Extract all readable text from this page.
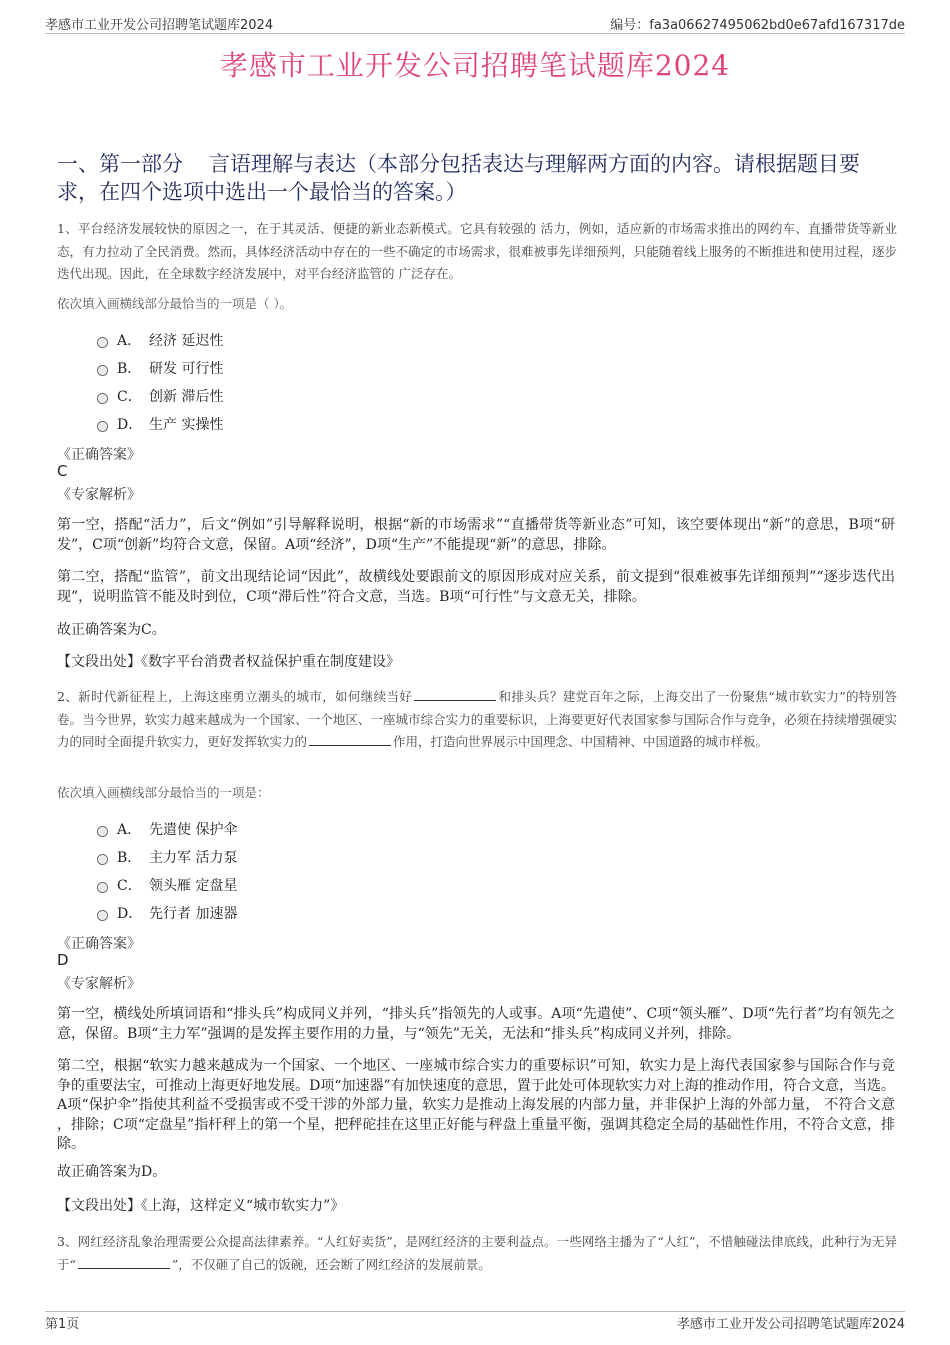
孝感市工业开发公司招聘笔试题库2024	编号：fa3a06627495062bd0e67afd167317de
孝感市工业开发公司招聘笔试题库2024
一、第一部分 言语理解与表达（本部分包括表达与理解两方面的内容。请根据题目要求，在四个选项中选出一个最恰当的答案。）
1、平台经济发展较快的原因之一，在于其灵活、便捷的新业态新模式。它具有较强的 活力，例如，适应新的市场需求推出的网约车、直播带货等新业态，有力拉动了全民消费。然而，具体经济活动中存在的一些不确定的市场需求，很难被事先详细预判，只能随着线上服务的不断推进和使用过程，逐步迭代出现。因此，在全球数字经济发展中，对平台经济监管的 广泛存在。
依次填入画横线部分最恰当的一项是（ ）。
A． 经济 延迟性
B． 研发 可行性
C． 创新 滞后性
D． 生产 实操性
《正确答案》
C
《专家解析》
第一空，搭配“活力”，后文“例如”引导解释说明，根据“新的市场需求”“直播带货等新业态”可知，该空要体现出“新”的意思，B项“研发”，C项“创新”均符合文意，保留。A项“经济”，D项“生产”不能提现“新”的意思，排除。
第二空，搭配“监管”，前文出现结论词“因此”，故横线处要跟前文的原因形成对应关系，前文提到“很难被事先详细预判”“逐步迭代出现”，说明监管不能及时到位，C项“滞后性”符合文意，当选。B项“可行性”与文意无关，排除。
故正确答案为C。
【文段出处】《数字平台消费者权益保护重在制度建设》
2、新时代新征程上，上海这座勇立潮头的城市，如何继续当好	和排头兵？建党百年之际，上海交出了一份聚焦“城市软实力”的特别答卷。当今世界，软实力越来越成为一个国家、一个地区、一座城市综合实力的重要标识，上海要更好代表国家参与国际合作与竞争，必须在持续增强硬实力的同时全面提升软实力，更好发挥软实力的	作用，打造向世界展示中国理念、中国精神、中国道路的城市样板。
依次填入画横线部分最恰当的一项是：
A． 先遣使 保护伞
B． 主力军 活力泵
C． 领头雁 定盘星
D． 先行者 加速器
《正确答案》
D
《专家解析》
第一空，横线处所填词语和“排头兵”构成同义并列，“排头兵”指领先的人或事。A项“先遣使”、C项“领头雁”、D项“先行者”均有领先之意，保留。B项“主力军”强调的是发挥主要作用的力量，与“领先”无关，无法和“排头兵”构成同义并列，排除。
第二空，根据“软实力越来越成为一个国家、一个地区、一座城市综合实力的重要标识”可知，软实力是上海代表国家参与国际合作与竞争的重要法宝，可推动上海更好地发展。D项“加速器”有加快速度的意思，置于此处可体现软实力对上海的推动作用，符合文意，当选。A项“保护伞”指使其利益不受损害或不受干涉的外部力量，软实力是推动上海发展的内部力量，并非保护上海的外部力量， 不符合文意 ，排除；C项“定盘星”指杆秤上的第一个星，把秤砣挂在这里正好能与秤盘上重量平衡，强调其稳定全局的基础性作用，不符合文意，排除。
故正确答案为D。
【文段出处】《上海，这样定义“城市软实力”》
3、网红经济乱象治理需要公众提高法律素养。“人红好卖货”，是网红经济的主要利益点。一些网络主播为了“人红”，不惜触碰法律底线，此种行为无异于“	”，不仅砸了自己的饭碗，还会断了网红经济的发展前景。
第1页	孝感市工业开发公司招聘笔试题库2024
